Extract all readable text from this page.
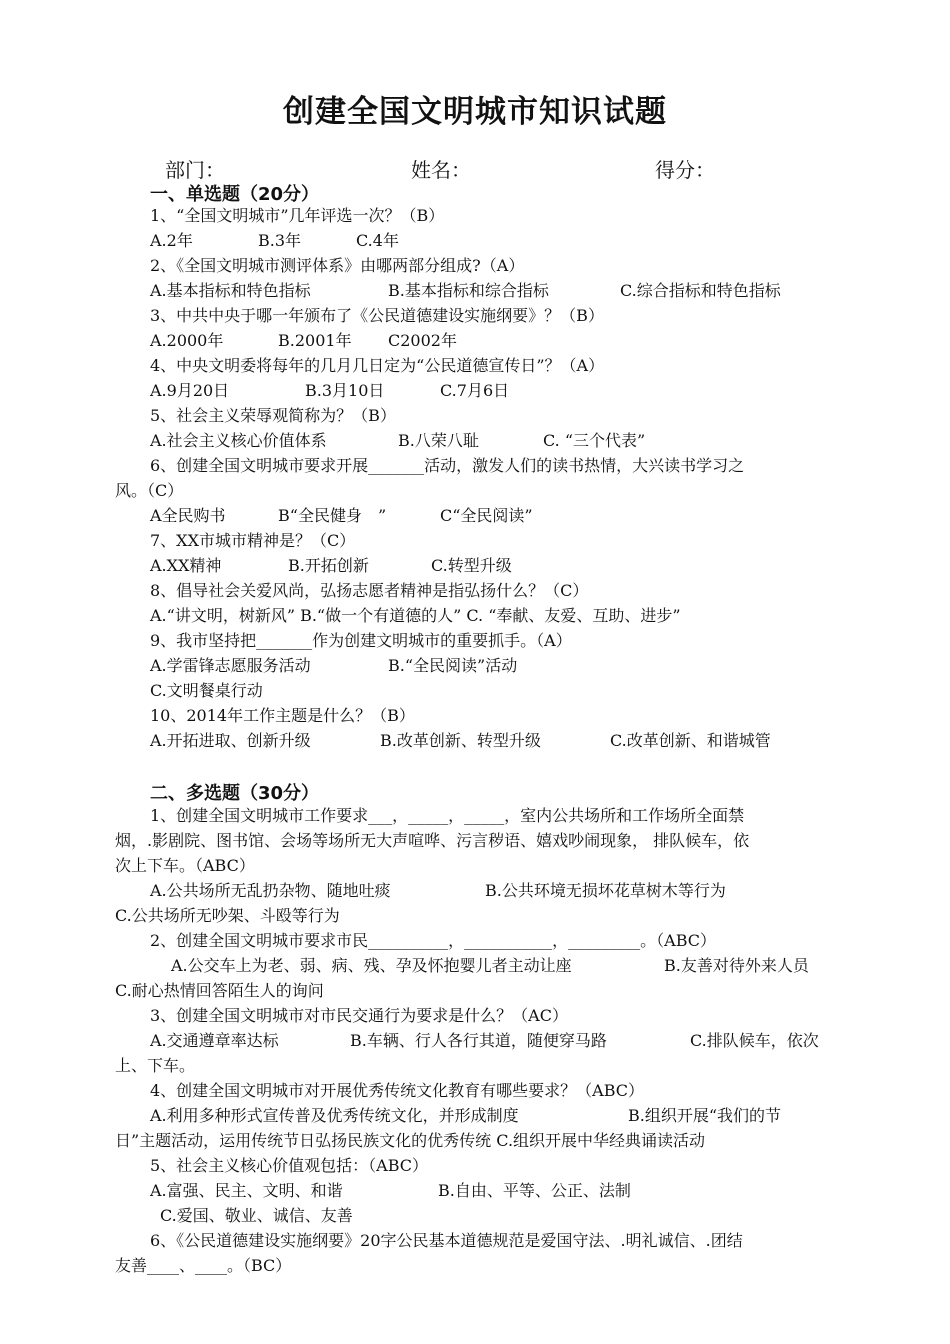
创建全国文明城市知识试题
部门：	姓名：	得分：
一、单选题（20分）
1、“全国文明城市”几年评选一次？（B）
A.2年	B.3年	C.4年
2、《全国文明城市测评体系》由哪两部分组成?（A）
A.基本指标和特色指标	B.基本指标和综合指标	C.综合指标和特色指标
3、中共中央于哪一年颁布了《公民道德建设实施纲要》？（B）
A.2000年	B.2001年 C2002年
4、中央文明委将每年的几月几日定为“公民道德宣传日”？（A）
A.9月20日	B.3月10日	C.7月6日
5、社会主义荣辱观简称为？（B）
A.社会主义核心价值体系	B.八荣八耻	C. “三个代表”
6、创建全国文明城市要求开展_______活动，激发人们的读书热情，大兴读书学习之
风。（C）
A全民购书	B“全民健身　”	C“全民阅读”
7、XX市城市精神是？（C）
A.XX精神	B.开拓创新	C.转型升级
8、倡导社会关爱风尚，弘扬志愿者精神是指弘扬什么？（C）
A.“讲文明，树新风” B.“做一个有道德的人” C. “奉献、友爱、互助、进步”
9、我市坚持把_______作为创建文明城市的重要抓手。（A）
A.学雷锋志愿服务活动	B.“全民阅读”活动
C.文明餐桌行动
10、2014年工作主题是什么？（B）
A.开拓进取、创新升级	B.改革创新、转型升级	C.改革创新、和谐城管
二、多选题（30分）
1、创建全国文明城市工作要求___，_____，_____，室内公共场所和工作场所全面禁
烟，.影剧院、图书馆、会场等场所无大声喧哗、污言秽语、嬉戏吵闹现象， 排队候车，依
次上下车。（ABC）
A.公共场所无乱扔杂物、随地吐痰	B.公共环境无损坏花草树木等行为
C.公共场所无吵架、斗殴等行为
2、创建全国文明城市要求市民__________，___________，_________。（ABC）
A.公交车上为老、弱、病、残、孕及怀抱婴儿者主动让座	B.友善对待外来人员
C.耐心热情回答陌生人的询问
3、创建全国文明城市对市民交通行为要求是什么？（AC）
A.交通遵章率达标	B.车辆、行人各行其道，随便穿马路	C.排队候车，依次
上、下车。
4、创建全国文明城市对开展优秀传统文化教育有哪些要求？（ABC）
A.利用多种形式宣传普及优秀传统文化，并形成制度	B.组织开展“我们的节
日”主题活动，运用传统节日弘扬民族文化的优秀传统 C.组织开展中华经典诵读活动
5、社会主义核心价值观包括：（ABC）
A.富强、民主、文明、和谐	B.自由、平等、公正、法制
C.爱国、敬业、诚信、友善
6、《公民道德建设实施纲要》20字公民基本道德规范是爱国守法、.明礼诚信、.团结
友善____、____。（BC）
